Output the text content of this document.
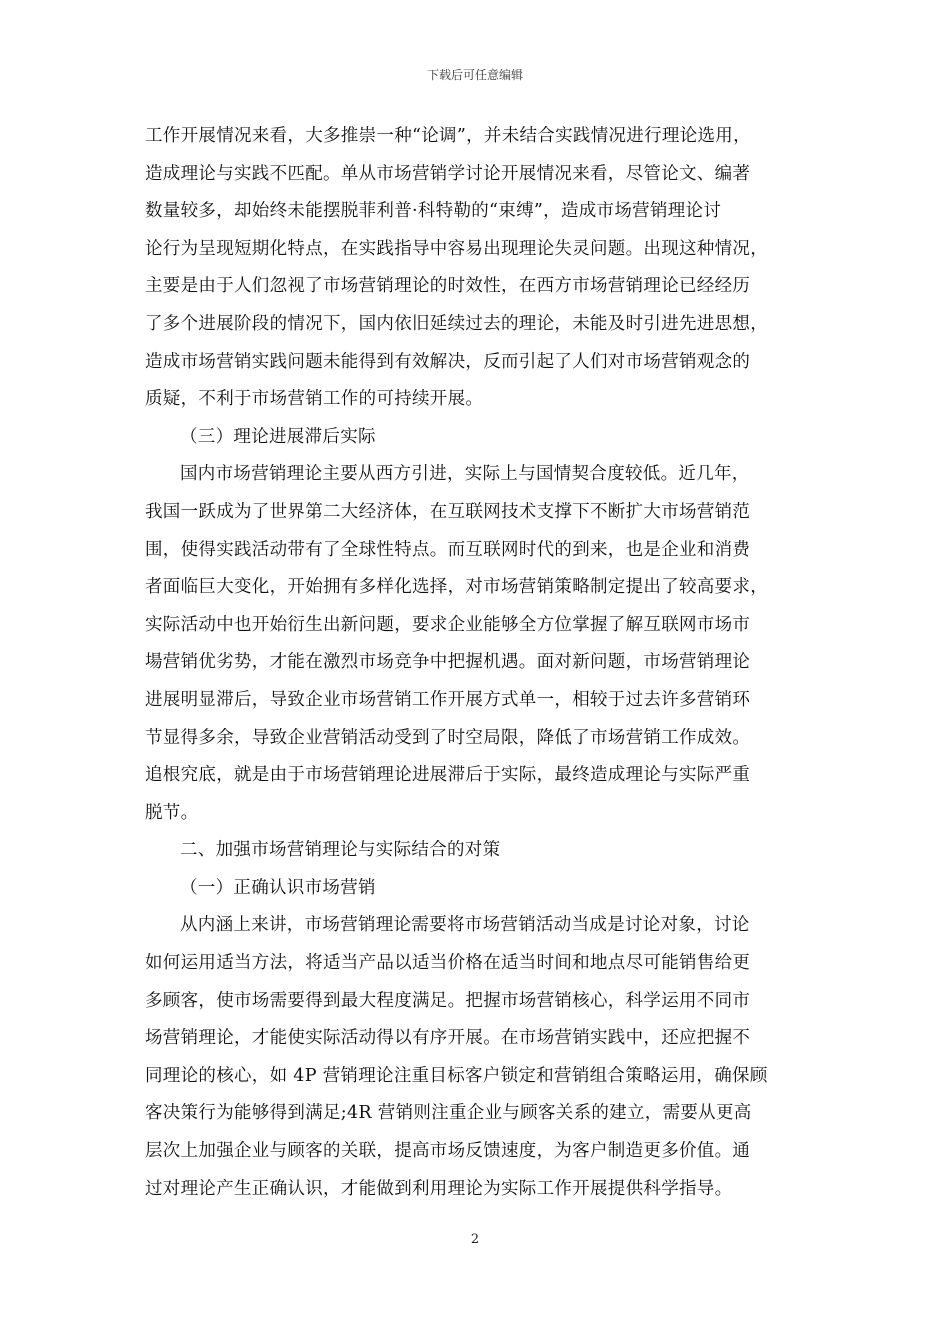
下载后可任意编辑
工作开展情况来看，大多推崇一种“论调”，并未结合实践情况进行理论选用，
造成理论与实践不匹配。单从市场营销学讨论开展情况来看，尽管论文、编著
数量较多，却始终未能摆脱菲利普·科特勒的“束缚”，造成市场营销理论讨
论行为呈现短期化特点，在实践指导中容易出现理论失灵问题。出现这种情况，
主要是由于人们忽视了市场营销理论的时效性，在西方市场营销理论已经经历
了多个进展阶段的情况下，国内依旧延续过去的理论，未能及时引进先进思想，
造成市场营销实践问题未能得到有效解决，反而引起了人们对市场营销观念的
质疑，不利于市场营销工作的可持续开展。
（三）理论进展滞后实际
国内市场营销理论主要从西方引进，实际上与国情契合度较低。近几年，
我国一跃成为了世界第二大经济体，在互联网技术支撑下不断扩大市场营销范
围，使得实践活动带有了全球性特点。而互联网时代的到来，也是企业和消费
者面临巨大变化，开始拥有多样化选择，对市场营销策略制定提出了较高要求，
实际活动中也开始衍生出新问题，要求企业能够全方位掌握了解互联网市场市
場营销优劣势，才能在激烈市场竞争中把握机遇。面对新问题，市场营销理论
进展明显滞后，导致企业市场营销工作开展方式单一，相较于过去许多营销环
节显得多余，导致企业营销活动受到了时空局限，降低了市场营销工作成效。
追根究底，就是由于市场营销理论进展滞后于实际，最终造成理论与实际严重
脱节。
二、加强市场营销理论与实际结合的对策
（一）正确认识市场营销
从内涵上来讲，市场营销理论需要将市场营销活动当成是讨论对象，讨论
如何运用适当方法，将适当产品以适当价格在适当时间和地点尽可能销售给更
多顾客，使市场需要得到最大程度满足。把握市场营销核心，科学运用不同市
场营销理论，才能使实际活动得以有序开展。在市场营销实践中，还应把握不
同理论的核心，如 4P 营销理论注重目标客户锁定和营销组合策略运用，确保顾
客决策行为能够得到满足;4R 营销则注重企业与顾客关系的建立，需要从更高
层次上加强企业与顾客的关联，提高市场反馈速度，为客户制造更多价值。通
过对理论产生正确认识，才能做到利用理论为实际工作开展提供科学指导。
2
